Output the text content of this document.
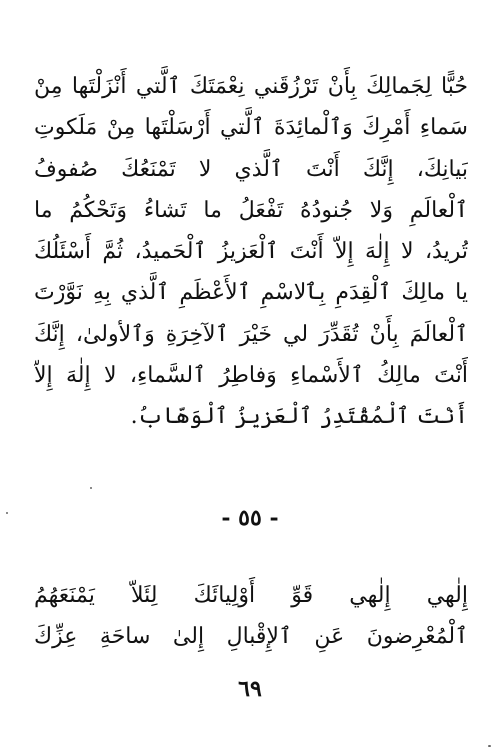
حُبًّا لِجَمالِكَ بِأَنْ تَرْزُقَني نِعْمَتَكَ ٱلَّتي أَنْزَلْتَها مِنْ
سَماءِ أَمْرِكَ وَٱلْمائِدَةَ ٱلَّتي أَرْسَلْتَها مِنْ مَلَكوتِ
بَيانِكَ، إِنَّكَ أَنْتَ ٱلَّذي لا تَمْنَعُكَ صُفوفُ
ٱلْعالَمِ وَلا جُنودُهُ تَفْعَلُ ما تَشاءُ وَتَحْكُمُ ما
تُريدُ، لا إِلٰهَ إِلاّ أَنْتَ ٱلْعَزيزُ ٱلْحَميدُ، ثُمَّ أَسْئَلُكَ
يا مالِكَ ٱلْقِدَمِ بِٱلاسْمِ ٱلأَعْظَمِ ٱلَّذي بِهِ نَوَّرْتَ
ٱلْعالَمَ بِأَنْ تُقَدِّرَ لي خَيْرَ ٱلآخِرَةِ وَٱلأولىٰ، إِنَّكَ
أَنْتَ مالِكُ ٱلأَسْماءِ وَفاطِرُ ٱلسَّماءِ، لا إِلٰهَ إِلاّ
أَنْتَ ٱلْمُقْتَدِرُ ٱلْعَزيزُ ٱلْوَهّابُ.
- ٥٥ -
إِلٰهي إِلٰهي قَوِّ أَوْلِيائَكَ لِئَلاّ يَمْنَعَهُمُ
ٱلْمُعْرِضونَ عَنِ ٱلإِقْبالِ إِلىٰ ساحَةِ عِزِّكَ
٦٩
